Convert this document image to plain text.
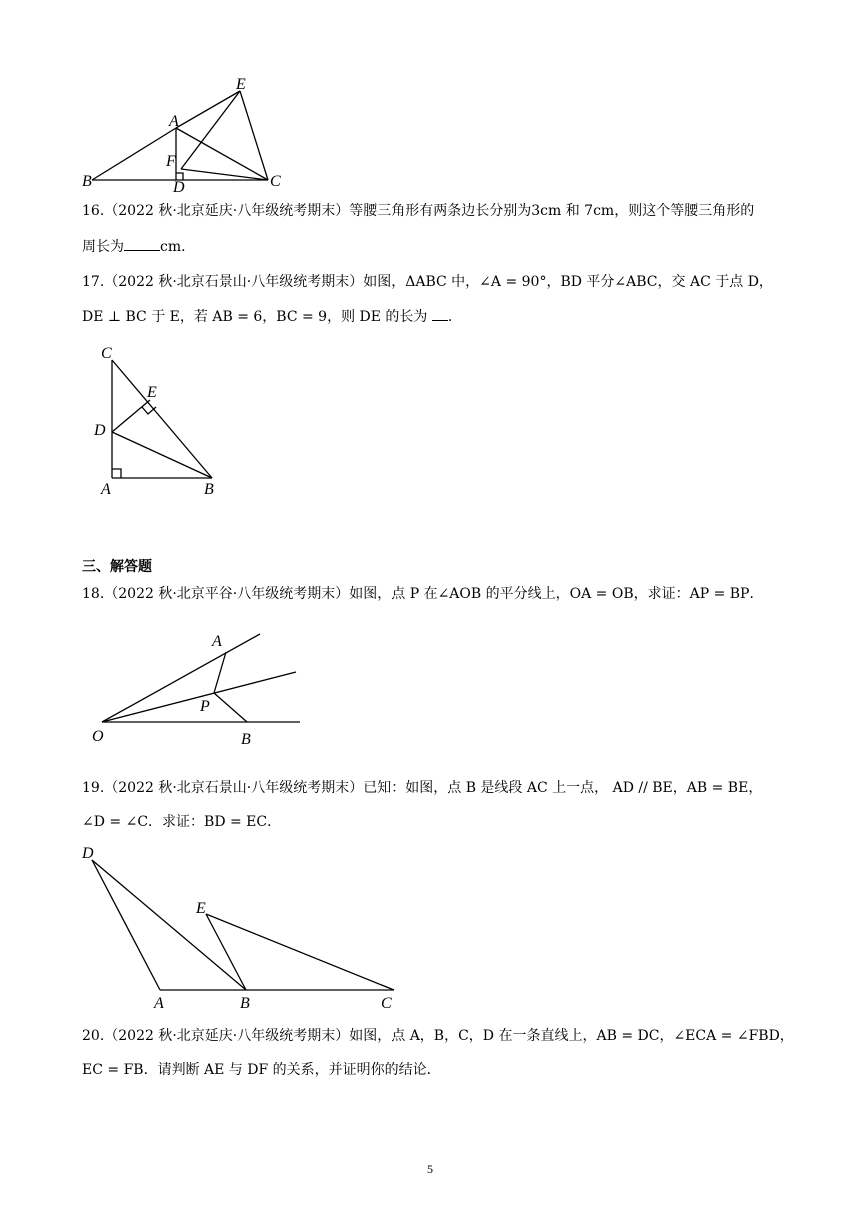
E
A
F
B	D	C
16.（2022 秋·北京延庆·八年级统考期末）等腰三角形有两条边长分别为3cm 和 7cm，则这个等腰三角形的
周长为	cm．
17.（2022 秋·北京石景山·八年级统考期末）如图，ΔABC 中，∠A = 90°，BD 平分∠ABC，交 AC 于点 D，
DE ⊥ BC 于 E，若 AB = 6，BC = 9，则 DE 的长为 .
C
E
D
A	B
三、解答题
18.（2022 秋·北京平谷·八年级统考期末）如图，点 P 在∠AOB 的平分线上，OA = OB，求证：AP = BP．
A
P
O	B
19.（2022 秋·北京石景山·八年级统考期末）已知：如图，点 B 是线段 AC 上一点， AD // BE，AB = BE，
∠D = ∠C．求证：BD = EC．
D
E
A	B	C
20.（2022 秋·北京延庆·八年级统考期末）如图，点 A，B，C，D 在一条直线上，AB = DC，∠ECA = ∠FBD，
EC = FB．请判断 AE 与 DF 的关系，并证明你的结论．
5
